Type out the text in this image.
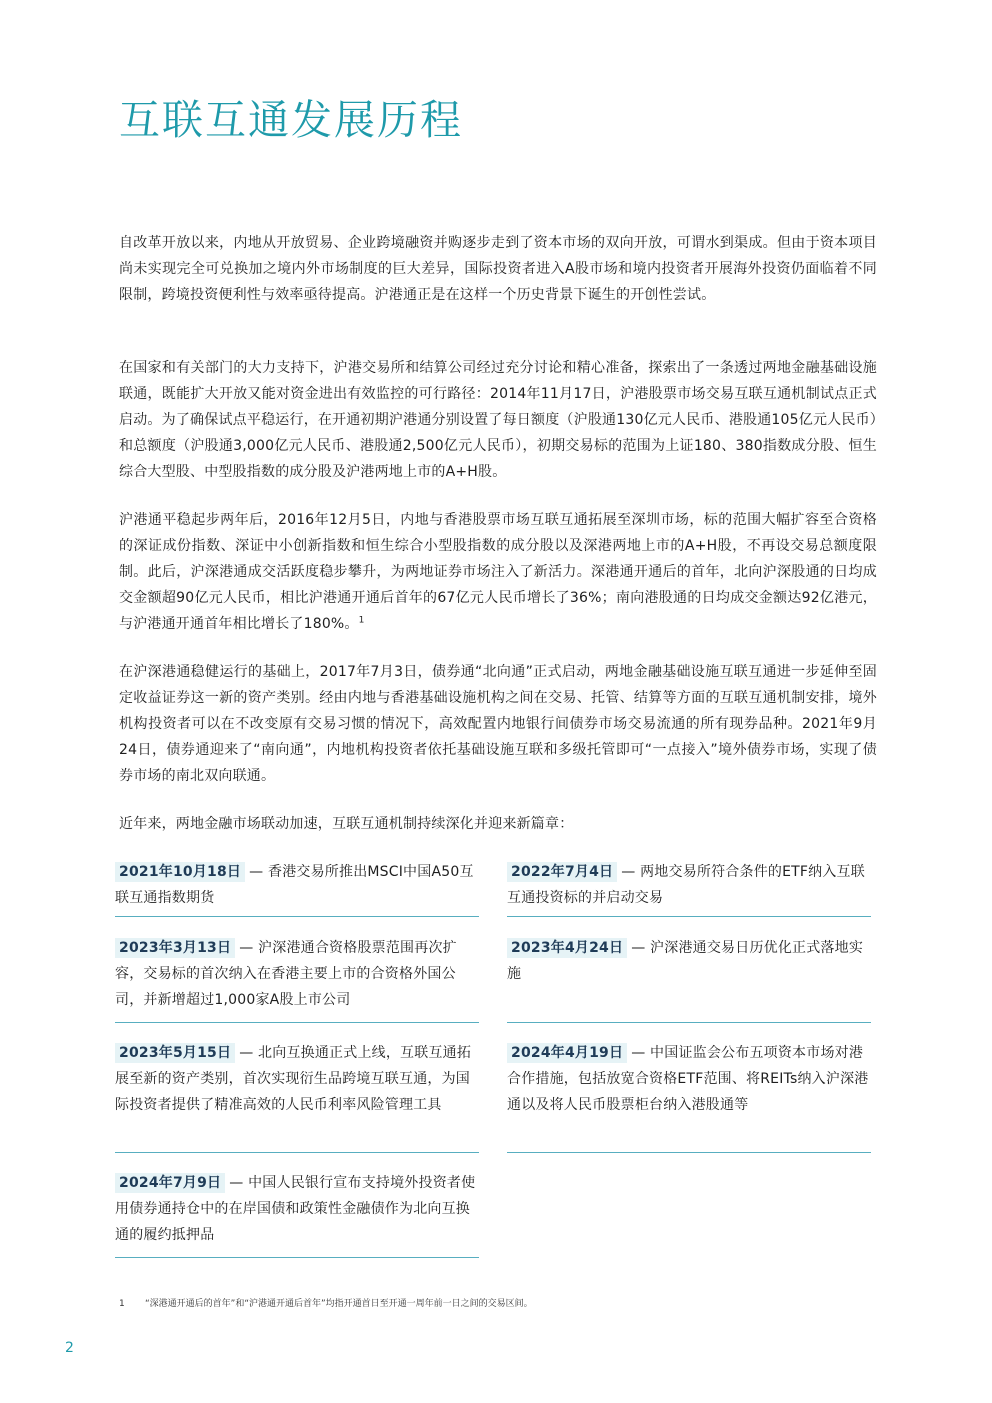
互联互通发展历程

自改革开放以来，内地从开放贸易、企业跨境融资并购逐步走到了资本市场的双向开放，可谓水到渠成。但由于资本项目尚未实现完全可兑换加之境内外市场制度的巨大差异，国际投资者进入A股市场和境内投资者开展海外投资仍面临着不同限制，跨境投资便利性与效率亟待提高。沪港通正是在这样一个历史背景下诞生的开创性尝试。

在国家和有关部门的大力支持下，沪港交易所和结算公司经过充分讨论和精心准备，探索出了一条透过两地金融基础设施联通，既能扩大开放又能对资金进出有效监控的可行路径：2014年11月17日，沪港股票市场交易互联互通机制试点正式启动。为了确保试点平稳运行，在开通初期沪港通分别设置了每日额度（沪股通130亿元人民币、港股通105亿元人民币）和总额度（沪股通3,000亿元人民币、港股通2,500亿元人民币），初期交易标的范围为上证180、380指数成分股、恒生综合大型股、中型股指数的成分股及沪港两地上市的A+H股。

沪港通平稳起步两年后，2016年12月5日，内地与香港股票市场互联互通拓展至深圳市场，标的范围大幅扩容至合资格的深证成份指数、深证中小创新指数和恒生综合小型股指数的成分股以及深港两地上市的A+H股，不再设交易总额度限制。此后，沪深港通成交活跃度稳步攀升，为两地证券市场注入了新活力。深港通开通后的首年，北向沪深股通的日均成交金额超90亿元人民币，相比沪港通开通后首年的67亿元人民币增长了36%；南向港股通的日均成交金额达92亿港元，与沪港通开通首年相比增长了180%。$^1$

在沪深港通稳健运行的基础上，2017年7月3日，债券通“北向通”正式启动，两地金融基础设施互联互通进一步延伸至固定收益证券这一新的资产类别。经由内地与香港基础设施机构之间在交易、托管、结算等方面的互联互通机制安排，境外机构投资者可以在不改变原有交易习惯的情况下，高效配置内地银行间债券市场交易流通的所有现券品种。2021年9月24日，债券通迎来了“南向通”，内地机构投资者依托基础设施互联和多级托管即可“一点接入”境外债券市场，实现了债券市场的南北双向联通。

近年来，两地金融市场联动加速，互联互通机制持续深化并迎来新篇章：

2021年10月18日 — 香港交易所推出MSCI中国A50互联互通指数期货
2022年7月4日 — 两地交易所符合条件的ETF纳入互联互通投资标的并启动交易
2023年3月13日 — 沪深港通合资格股票范围再次扩容，交易标的首次纳入在香港主要上市的合资格外国公司，并新增超过1,000家A股上市公司
2023年4月24日 — 沪深港通交易日历优化正式落地实施
2023年5月15日 — 北向互换通正式上线，互联互通拓展至新的资产类别，首次实现衍生品跨境互联互通，为国际投资者提供了精准高效的人民币利率风险管理工具
2024年4月19日 — 中国证监会公布五项资本市场对港合作措施，包括放宽合资格ETF范围、将REITs纳入沪深港通以及将人民币股票柜台纳入港股通等
2024年7月9日 — 中国人民银行宣布支持境外投资者使用债券通持仓中的在岸国债和政策性金融债作为北向互换通的履约抵押品
1 “深港通开通后的首年”和“沪港通开通后首年”均指开通首日至开通一周年前一日之间的交易区间。
2
